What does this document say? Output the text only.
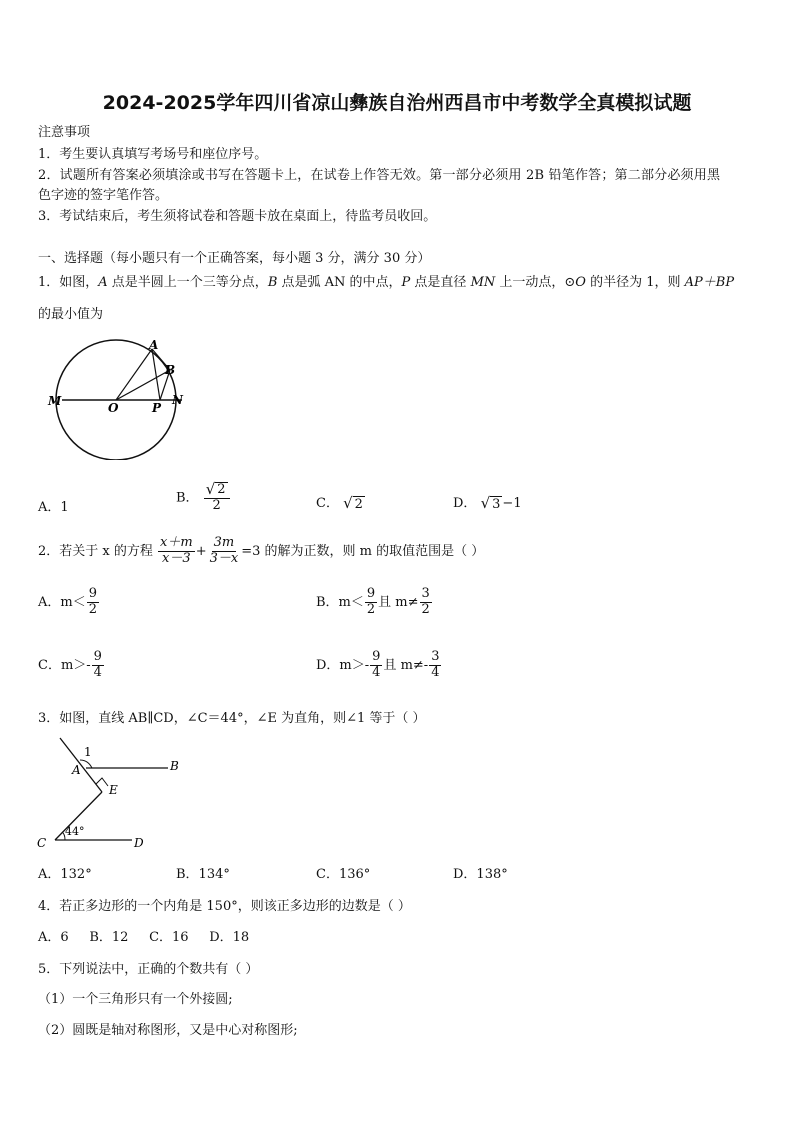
2024-2025学年四川省凉山彝族自治州西昌市中考数学全真模拟试题
注意事项
1．考生要认真填写考场号和座位序号。
2．试题所有答案必须填涂或书写在答题卡上，在试卷上作答无效。第一部分必须用 2B 铅笔作答；第二部分必须用黑
色字迹的签字笔作答。
3．考试结束后，考生须将试卷和答题卡放在桌面上，待监考员收回。
一、选择题（每小题只有一个正确答案，每小题 3 分，满分 30 分）
1．如图，A 点是半圆上一个三等分点，B 点是弧 AN 的中点，P 点是直径 MN 上一动点，⊙O 的半径为 1，则 AP＋BP
的最小值为
M	O	P
N
A
B
A．1
B． $\frac{√ 2}{2}$	C． √ 2	D． √ 3 −1
2．若关于 x 的方程 $\frac{x+m}{x-3} + \frac{3m}{3-x} =3$ 的解为正数，则 m 的取值范围是（ ）
A．$m< \frac{9}{2}$	B．$m< \frac{9}{2}$ 且 $m\ne \frac{3}{2}$
C．$m>- \frac{9}{4}$	D．$m>- \frac{9}{4}$ 且 $m\ne- \frac{3}{4}$
3．如图，直线 AB∥CD，∠C＝44°，∠E 为直角，则∠1 等于（ ）
1
A	B
E
C	D
44°
A．132°	B．134°	C．136°	D．138°
4．若正多边形的一个内角是 150°，则该正多边形的边数是（ ）
A．6     B．12     C．16     D．18
5．下列说法中，正确的个数共有（ ）
（1）一个三角形只有一个外接圆;
（2）圆既是轴对称图形，又是中心对称图形;
